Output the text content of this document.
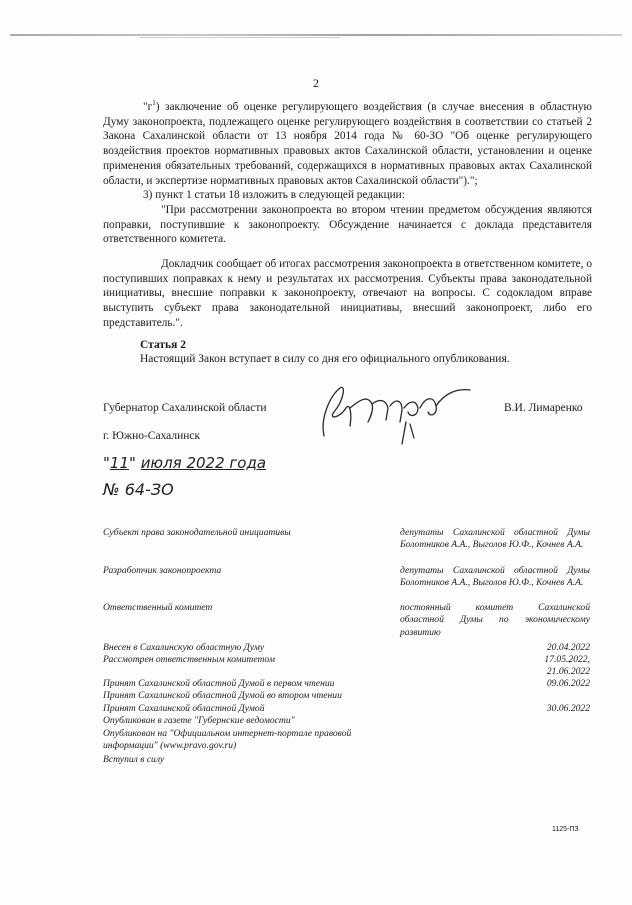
2

"$г^1$) заключение об оценке регулирующего воздействия (в случае внесения в областную Думу законопроекта, подлежащего оценке регулирующего воздействия в соответствии со статьей 2 Закона Сахалинской области от 13 ноября 2014 года № 60-ЗО "Об оценке регулирующего воздействия проектов нормативных правовых актов Сахалинской области, установлении и оценке применения обязательных требований, содержащихся в нормативных правовых актах Сахалинской области, и экспертизе нормативных правовых актов Сахалинской области").";

3) пункт 1 статьи 18 изложить в следующей редакции:

"При рассмотрении законопроекта во втором чтении предметом обсуждения являются поправки, поступившие к законопроекту. Обсуждение начинается с доклада представителя ответственного комитета.

Докладчик сообщает об итогах рассмотрения законопроекта в ответственном комитете, о поступивших поправках к нему и результатах их рассмотрения. Субъекты права законодательной инициативы, внесшие поправки к законопроекту, отвечают на вопросы. С содокладом вправе выступить субъект права законодательной инициативы, внесший законопроект, либо его представитель.".

Статья 2
Настоящий Закон вступает в силу со дня его официального опубликования.
Губернатор Сахалинской области	В.И. Лимаренко
г. Южно-Сахалинск
"11" июля 2022 года
№ 64-ЗО
Субъект права законодательной инициативы	депутаты Сахалинской областной Думы Болотников А.А., Выголов Ю.Ф., Кочнев А.А.
Разработчик законопроекта	депутаты Сахалинской областной Думы Болотников А.А., Выголов Ю.Ф., Кочнев А.А.
Ответственный комитет	постоянный комитет Сахалинской областной Думы по экономическому развитию
Внесен в Сахалинскую областную Думу	20.04.2022
Рассмотрен ответственным комитетом	17.05.2022,
21.06.2022
Принят Сахалинской областной Думой в первом чтении	09.06.2022
Принят Сахалинской областной Думой во втором чтении
Принят Сахалинской областной Думой	30.06.2022
Опубликован в газете "Губернские ведомости"
Опубликован на "Официальном интернет-портале правовой информации" (www.pravo.gov.ru)
Вступил в силу
1125-ПЗ
